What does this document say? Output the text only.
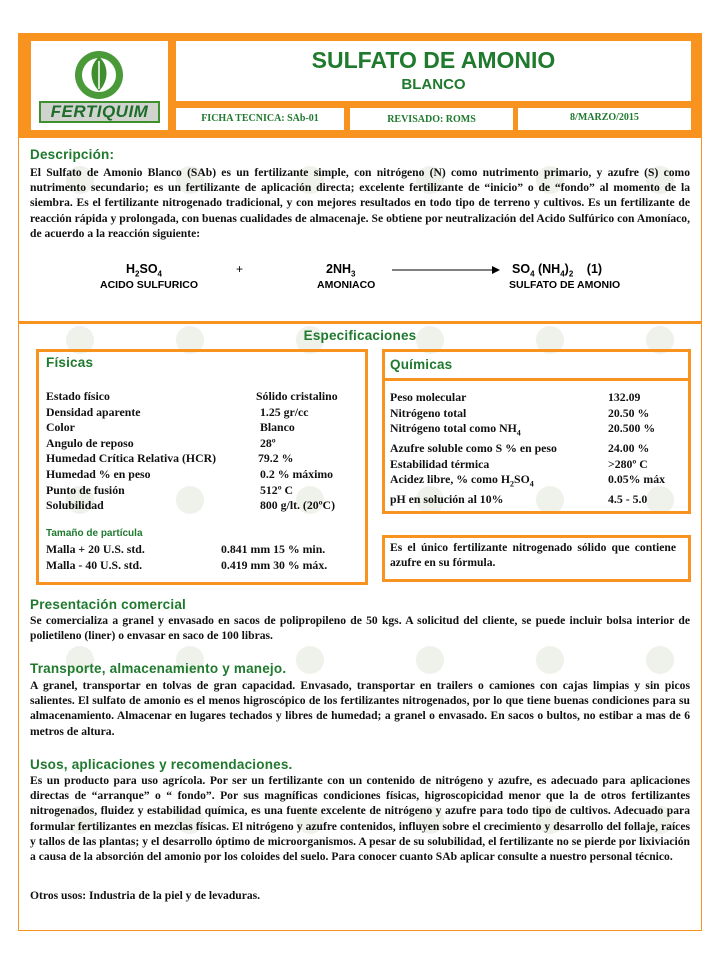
FERTIQUIM
SULFATO DE AMONIO
BLANCO
FICHA TECNICA: SAb-01	REVISADO: ROMS	8/MARZO/2015
Descripción:
El Sulfato de Amonio Blanco (SAb) es un fertilizante simple, con nitrógeno (N) como nutrimento primario, y azufre (S) como nutrimento secundario; es un fertilizante de aplicación directa; excelente fertilizante de “inicio” o de “fondo” al momento de la siembra. Es el fertilizante nitrogenado tradicional, y con mejores resultados en todo tipo de terreno y cultivos. Es un fertilizante de reacción rápida y prolongada, con buenas cualidades de almacenaje. Se obtiene por neutralización del Acido Sulfúrico con Amoníaco, de acuerdo a la reacción siguiente:
$H_2SO_4$	+	$2NH_3$	$SO_4$ $(NH_4)_2$ (1)
ACIDO SULFURICO	AMONIACO	SULFATO DE AMONIO
Especificaciones
Físicas
Estado físico	Sólido cristalino
Densidad aparente	1.25 gr/cc
Color	Blanco
Angulo de reposo	28º
Humedad Crítica Relativa (HCR)	79.2 %
Humedad % en peso	0.2 % máximo
Punto de fusión	512º C
Solubilidad	800 g/lt. (20ºC)
Tamaño de partícula
Malla + 20 U.S. std.	0.841 mm 15 % min.
Malla - 40 U.S. std.	0.419 mm 30 % máx.
Químicas
Peso molecular	132.09
Nitrógeno total	20.50 %
Nitrógeno total como $NH_4$	20.500 %
Azufre soluble como S % en peso	24.00 %
Estabilidad térmica	>280º C
Acidez libre, % como $H_2SO_4$	0.05% máx
pH en solución al 10%	4.5 - 5.0
Es el único fertilizante nitrogenado sólido que contiene azufre en su fórmula.
Presentación comercial
Se comercializa a granel y envasado en sacos de polipropileno de 50 kgs. A solicitud del cliente, se puede incluir bolsa interior de polietileno (liner) o envasar en saco de 100 libras.
Transporte, almacenamiento y manejo.
A granel, transportar en tolvas de gran capacidad. Envasado, transportar en trailers o camiones con cajas limpias y sin picos salientes. El sulfato de amonio es el menos higroscópico de los fertilizantes nitrogenados, por lo que tiene buenas condiciones para su almacenamiento. Almacenar en lugares techados y libres de humedad; a granel o envasado. En sacos o bultos, no estibar a mas de 6 metros de altura.
Usos, aplicaciones y recomendaciones.
Es un producto para uso agrícola. Por ser un fertilizante con un contenido de nitrógeno y azufre, es adecuado para aplicaciones directas de “arranque” o “ fondo”. Por sus magníficas condiciones físicas, higroscopicidad menor que la de otros fertilizantes nitrogenados, fluidez y estabilidad química, es una fuente excelente de nitrógeno y azufre para todo tipo de cultivos. Adecuado para formular fertilizantes en mezclas físicas. El nitrógeno y azufre contenidos, influyen sobre el crecimiento y desarrollo del follaje, raíces y tallos de las plantas; y el desarrollo óptimo de microorganismos. A pesar de su solubilidad, el fertilizante no se pierde por lixiviación a causa de la absorción del amonio por los coloides del suelo. Para conocer cuanto SAb aplicar consulte a nuestro personal técnico.
Otros usos: Industria de la piel y de levaduras.
